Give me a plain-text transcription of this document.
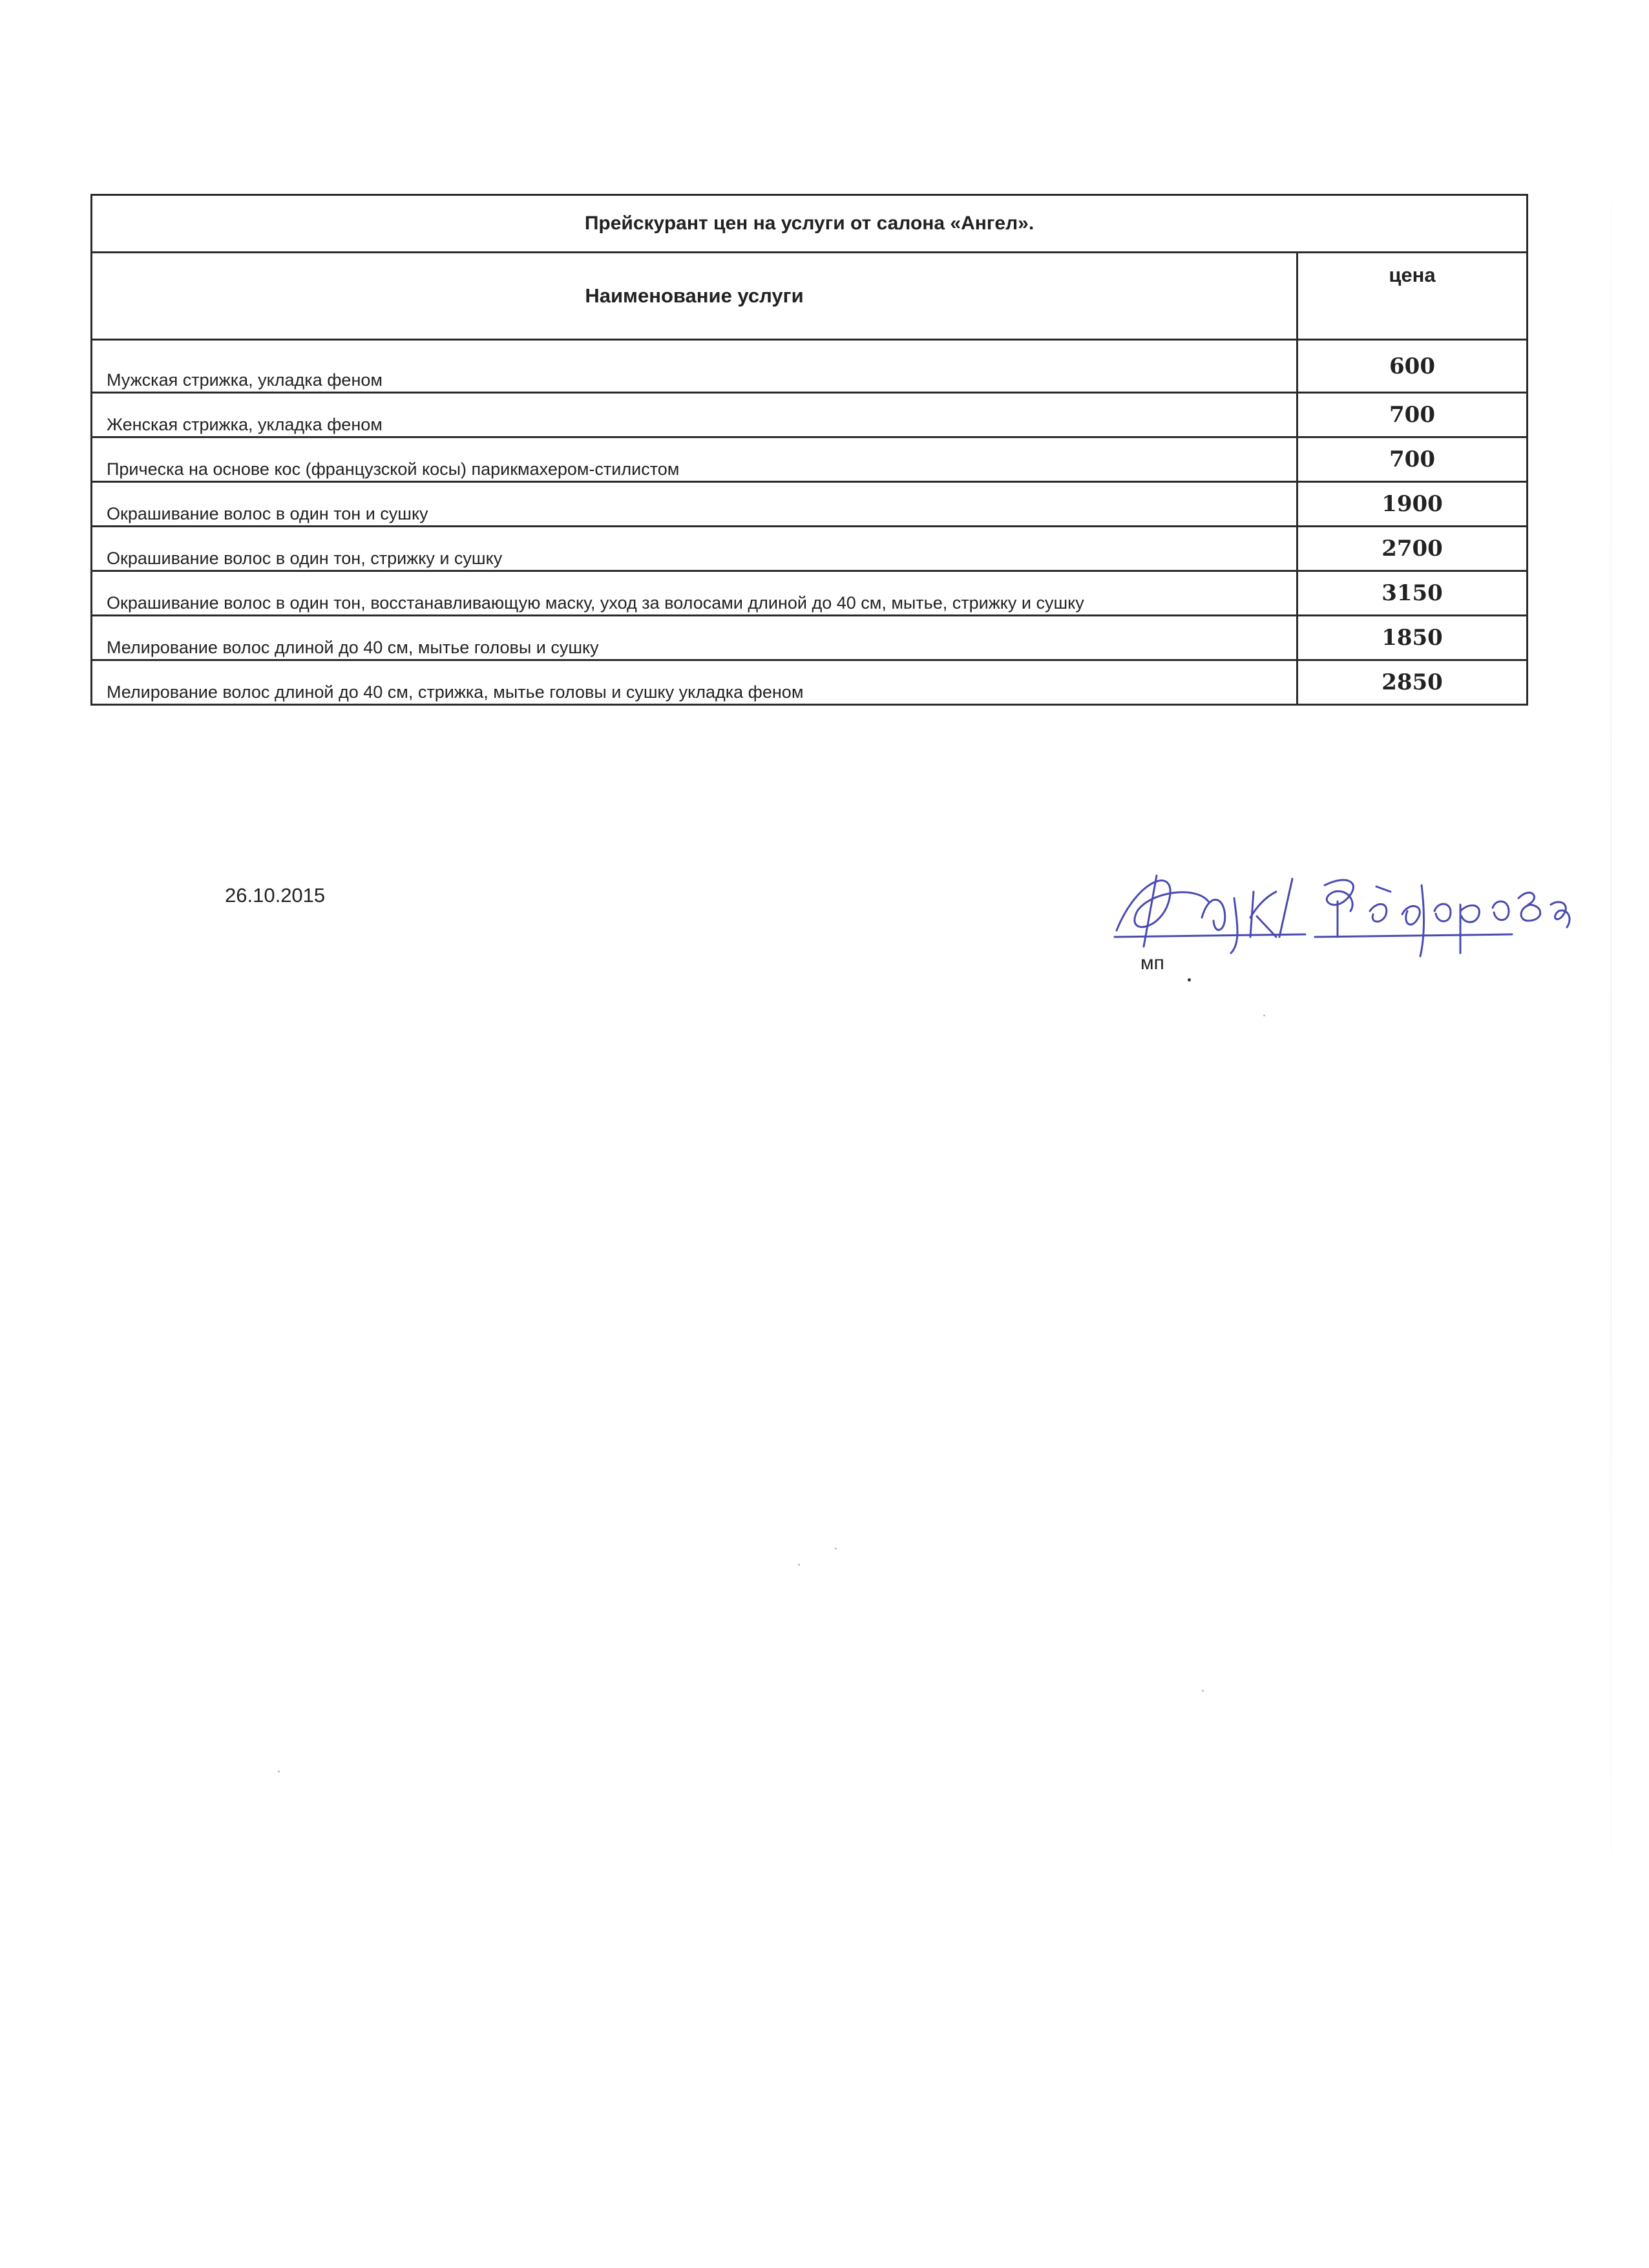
Прейскурант цен на услуги от салона «Ангел».	
Наименование услуги	цена
Мужская стрижка, укладка феном	600
Женская стрижка, укладка феном	700
Прическа на основе кос (французской косы) парикмахером-стилистом	700
Окрашивание волос в один тон и сушку	1900
Окрашивание волос в один тон, стрижку и сушку	2700
Окрашивание волос в один тон, восстанавливающую маску, уход за волосами длиной до 40 см, мытье, стрижку и сушку	3150
Мелирование волос длиной до 40 см, мытье головы и сушку	1850
Мелирование волос длиной до 40 см, стрижка, мытье головы и сушку укладка феном	2850
26.10.2015
мп
